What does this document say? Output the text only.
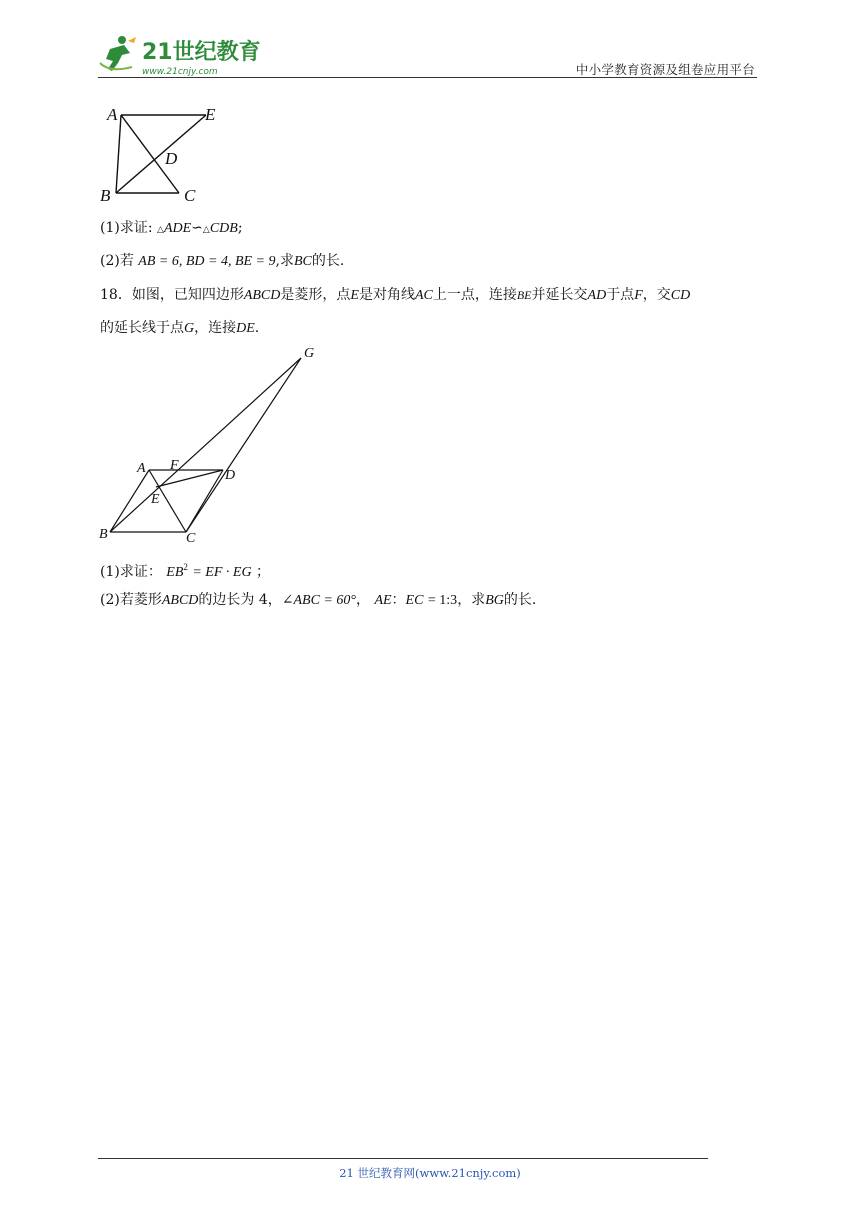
21世纪教育
www.21cnjy.com	中小学教育资源及组卷应用平台
A	E
D
B	C
(1)求证: △ADE∽△CDB;
(2)若 AB = 6, BD = 4, BE = 9,求BC的长.
18．如图，已知四边形ABCD是菱形，点E是对角线AC上一点，连接BE并延长交AD于点F，交CD
的延长线于点G，连接DE.
G
A F
D
E
B	C
(1)求证： $EB^2$ = EF · EG ；
(2)若菱形ABCD的边长为 4，∠ABC = 60°， AE：EC = 1:3，求BG的长.
21 世纪教育网(www.21cnjy.com)
